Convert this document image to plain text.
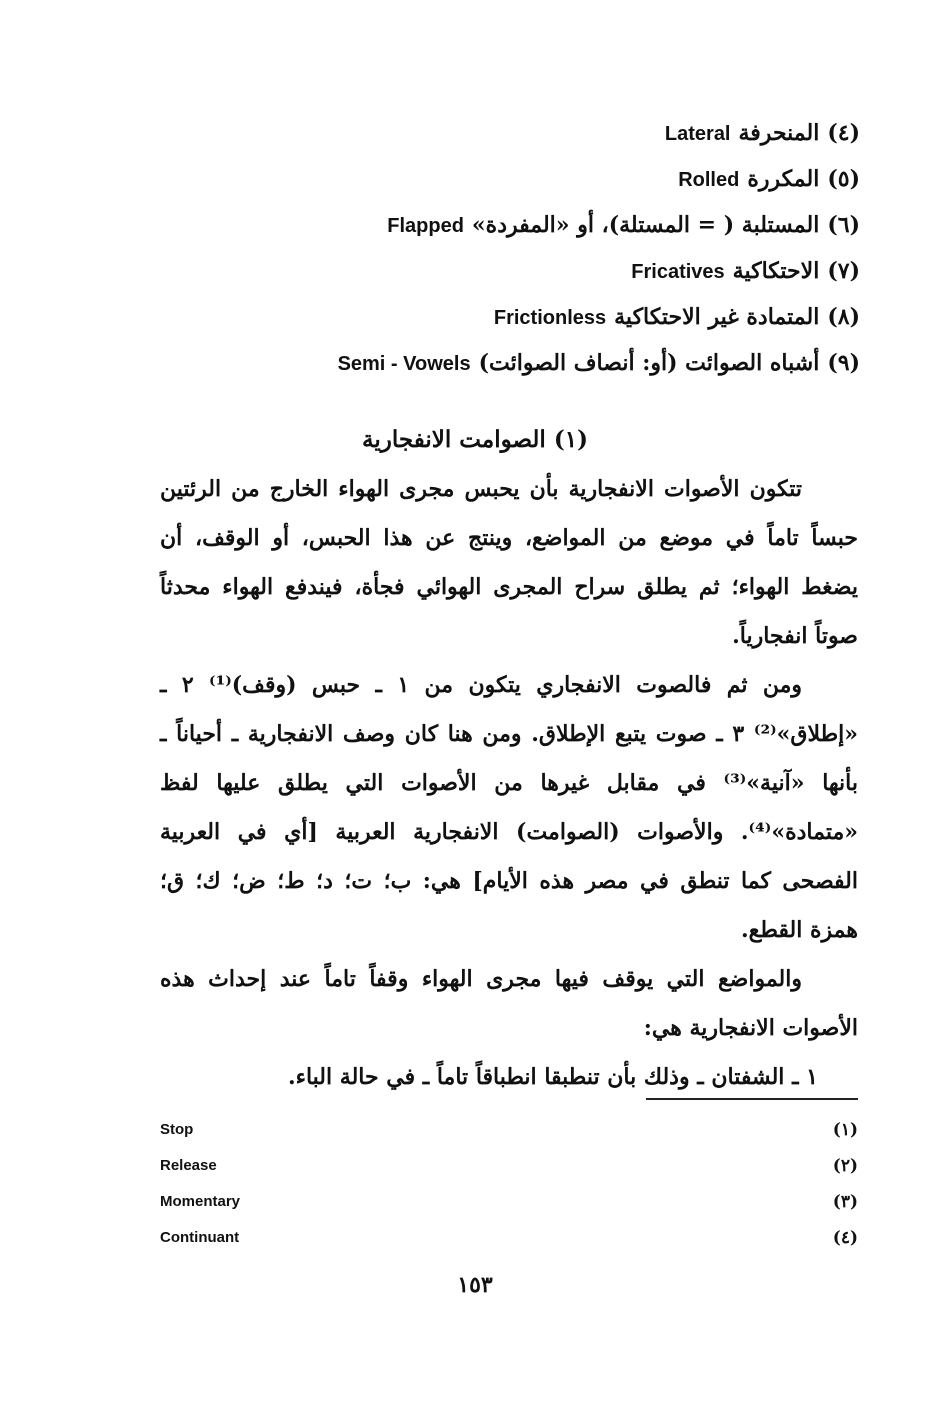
(٤)المنحرفةLateral
(٥)المكررةRolled
(٦)المستلبة ( = المستلة)، أو «المفردة»Flapped
(٧)الاحتكاكيةFricatives
(٨)المتمادة غير الاحتكاكيةFrictionless
(٩)أشباه الصوائت (أو: أنصاف الصوائت)Semi - Vowels
(١) الصوامت الانفجارية

تتكون الأصوات الانفجارية بأن يحبس مجرى الهواء الخارج من الرئتين حبساً تاماً في موضع من المواضع، وينتج عن هذا الحبس، أو الوقف، أن يضغط الهواء؛ ثم يطلق سراح المجرى الهوائي فجأة، فيندفع الهواء محدثاً صوتاً انفجارياً.

ومن ثم فالصوت الانفجاري يتكون من ١ ـ حبس (وقف)⁽¹⁾ ٢ ـ «إطلاق»⁽²⁾ ٣ ـ صوت يتبع الإطلاق. ومن هنا كان وصف الانفجارية ـ أحياناً ـ بأنها «آنية»⁽³⁾ في مقابل غيرها من الأصوات التي يطلق عليها لفظ «متمادة»⁽⁴⁾. والأصوات (الصوامت) الانفجارية العربية [أي في العربية الفصحى كما تنطق في مصر هذه الأيام] هي: ب؛ ت؛ د؛ ط؛ ض؛ ك؛ ق؛ همزة القطع.

والمواضع التي يوقف فيها مجرى الهواء وقفاً تاماً عند إحداث هذه الأصوات الانفجارية هي:

١ ـ الشفتان ـ وذلك بأن تنطبقا انطباقاً تاماً ـ في حالة الباء.

Stop	(١)
Release	(٢)
Momentary	(٣)
Continuant	(٤)
١٥٣
